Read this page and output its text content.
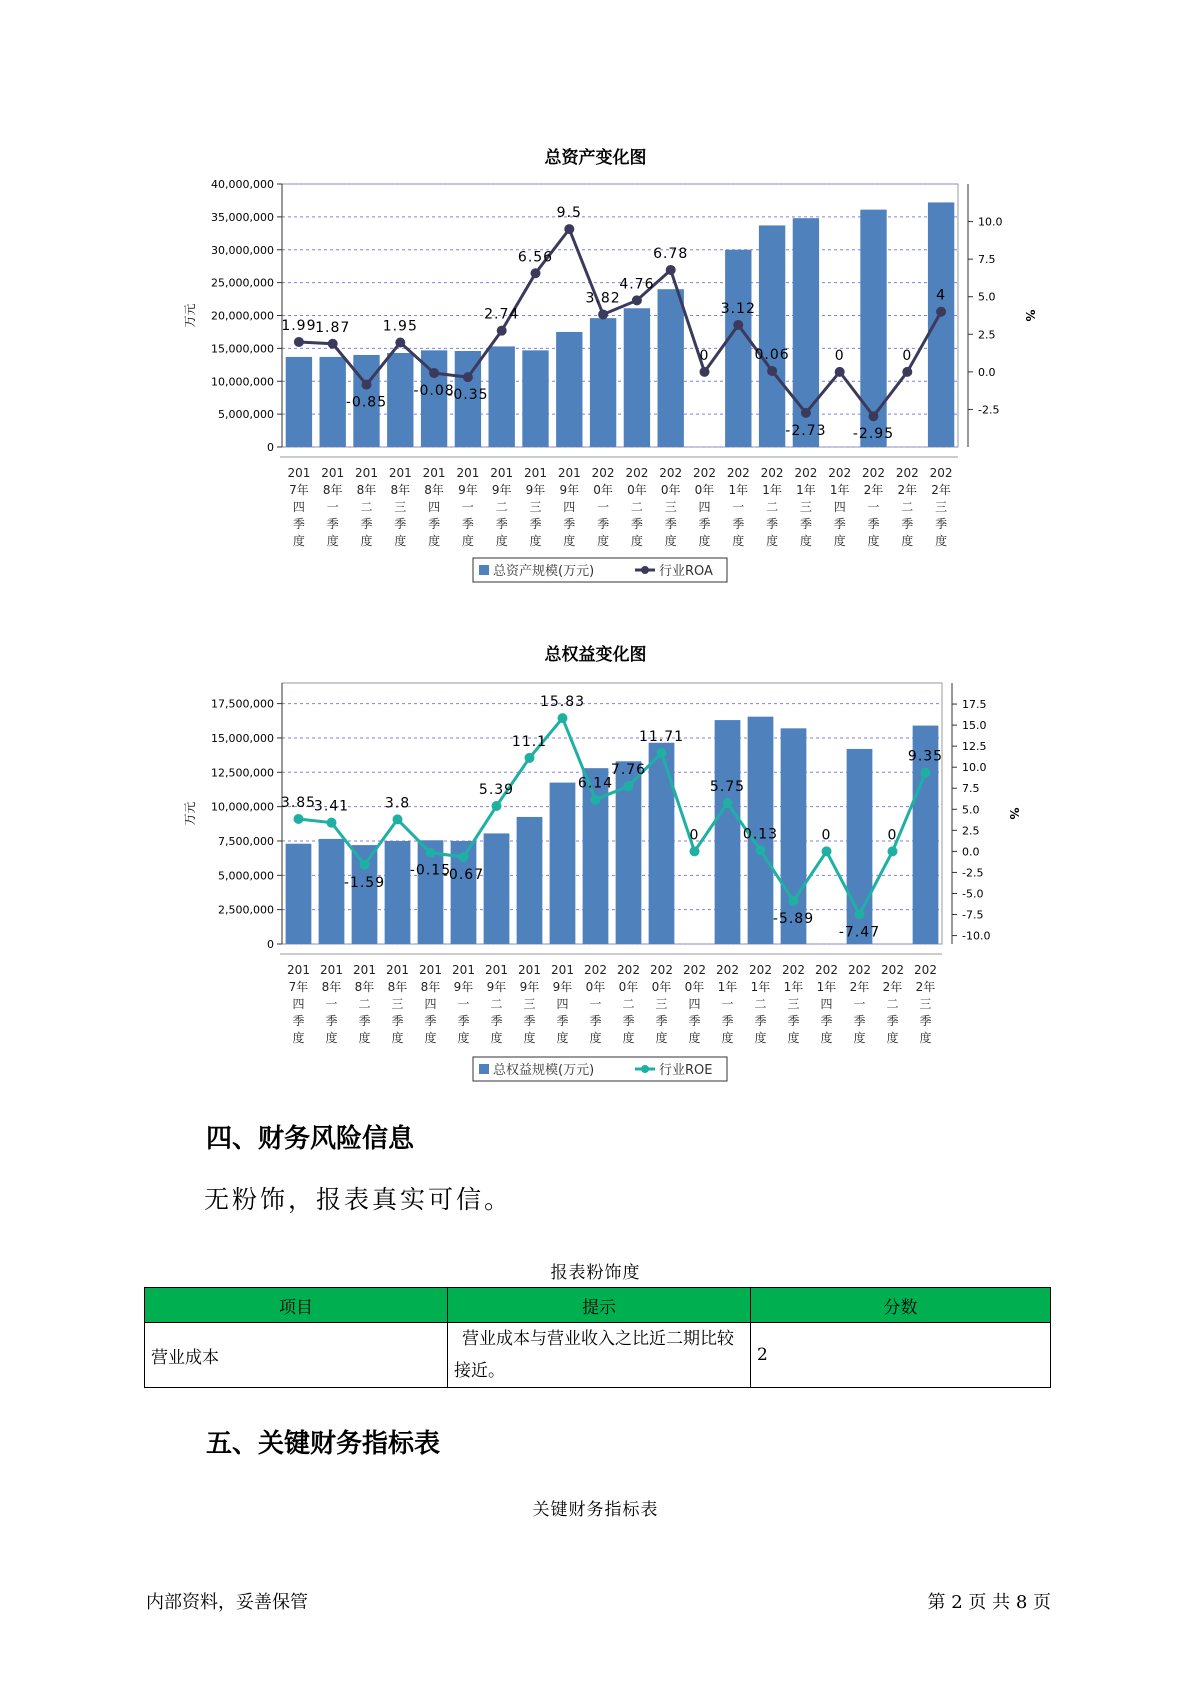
总资产变化图
0
5,000,000
10,000,000
15,000,000
20,000,000
25,000,000
30,000,000
35,000,000
40,000,000
万元
-2.5
0.0
2.5
5.0
7.5
10.0
%
201 7年四季度
201 8年一季度
201 8年二季度
201 8年三季度
201 8年四季度
201 9年一季度
201 9年二季度
201 9年三季度
201 9年四季度
202 0年一季度
202 0年二季度
202 0年三季度
202 0年四季度
202 1年一季度
202 1年二季度
202 1年三季度
202 1年四季度
202 2年一季度
202 2年二季度
202 2年三季度
1.99
1.87
-0.85
1.95
-0.08
-0.35
2.74
6.56
9.5
3.82
4.76
6.78
0
3.12
0.06
-2.73
0
-2.95
0
4
总资产规模(万元)	行业ROA
总权益变化图
0
2,500,000
5,000,000
7,500,000
10,000,000
12,500,000
15,000,000
17,500,000
万元
-10.0
-7.5
-5.0
-2.5
0.0
2.5
5.0
7.5
10.0
12.5
15.0
17.5
%
201 7年四季度
201 8年一季度
201 8年二季度
201 8年三季度
201 8年四季度
201 9年一季度
201 9年二季度
201 9年三季度
201 9年四季度
202 0年一季度
202 0年二季度
202 0年三季度
202 0年四季度
202 1年一季度
202 1年二季度
202 1年三季度
202 1年四季度
202 2年一季度
202 2年二季度
202 2年三季度
3.85
3.41
-1.59
3.8
-0.15
-0.67
5.39
11.1
15.83
6.14
7.76
11.71
0
5.75
0.13
-5.89
0
-7.47
0
9.35
总权益规模(万元)	行业ROE
四、财务风险信息
无粉饰，报表真实可信。
报表粉饰度
项目	提示	分数
营业成本	营业成本与营业收入之比近二期比较接近。	2
五、关键财务指标表
关键财务指标表
内部资料，妥善保管	第 2 页 共 8 页
